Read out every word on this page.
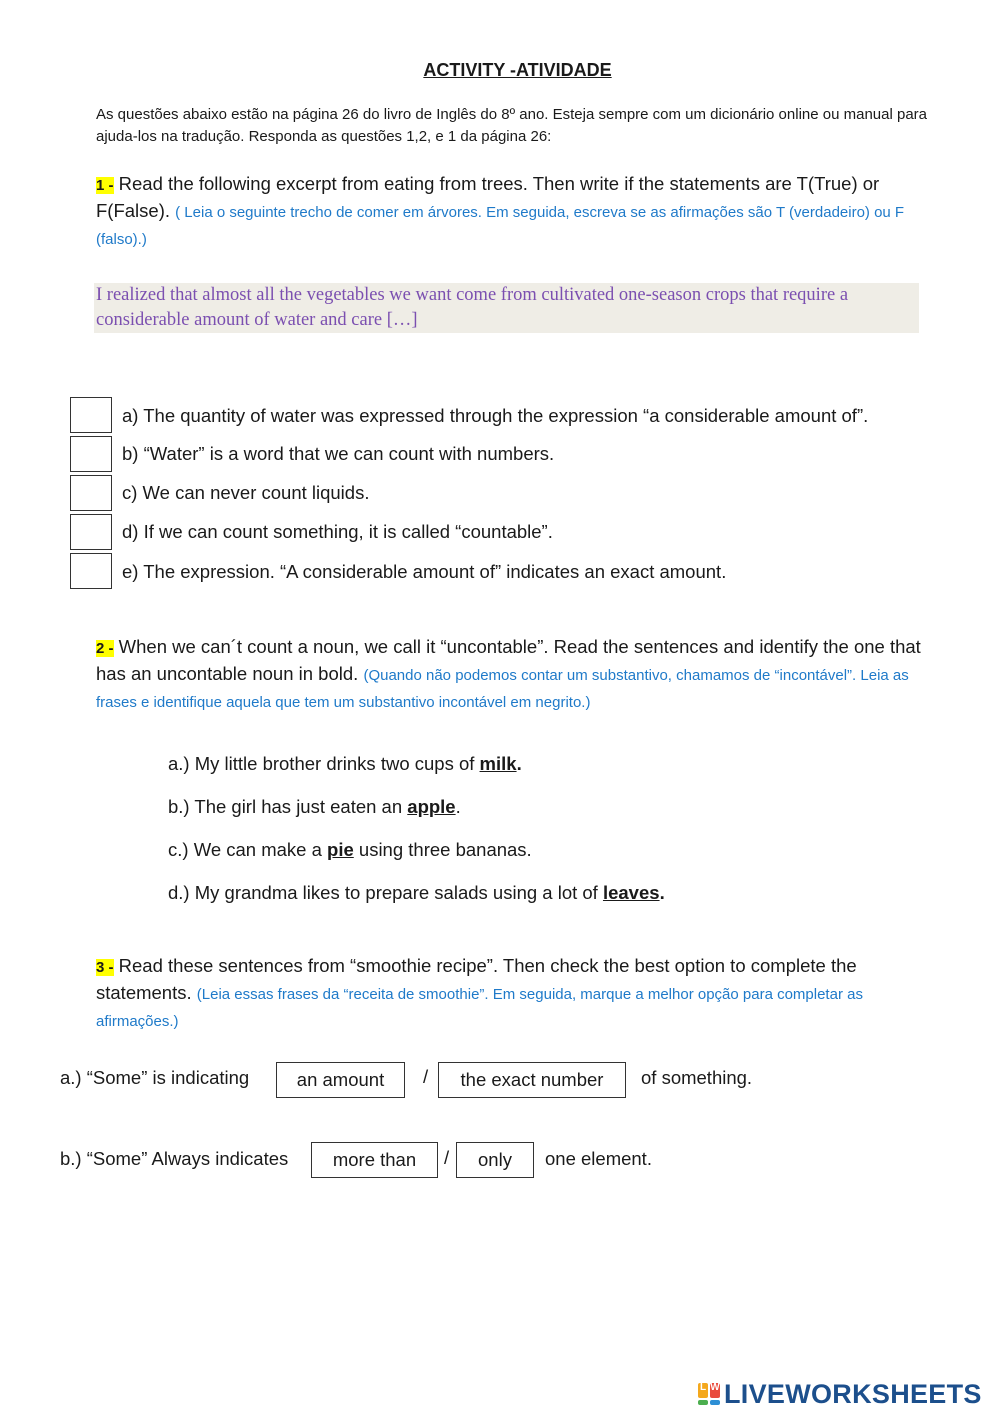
ACTIVITY -ATIVIDADE
As questões abaixo estão na página 26 do livro de Inglês do 8º ano. Esteja sempre com um dicionário online ou manual para ajuda-los na tradução. Responda as questões 1,2, e 1 da página 26:
1 - Read the following excerpt from eating from trees. Then write if the statements are T(True) or F(False). ( Leia o seguinte trecho de comer em árvores. Em seguida, escreva se as afirmações são T (verdadeiro) ou F (falso).)
I realized that almost all the vegetables we want come from cultivated one-season crops that require a considerable amount of water and care […]
a) The quantity of water was expressed through the expression “a considerable amount of”.
b) “Water” is a word that we can count with numbers.
c) We can never count liquids.
d) If we can count something, it is called “countable”.
e) The expression. “A considerable amount of” indicates an exact amount.
2 - When we can´t count a noun, we call it “uncontable”. Read the sentences and identify the one that has an uncontable noun in bold. (Quando não podemos contar um substantivo, chamamos de “incontável”. Leia as frases e identifique aquela que tem um substantivo incontável em negrito.)
a.) My little brother drinks two cups of milk.
b.) The girl has just eaten an apple.
c.) We can make a pie using three bananas.
d.) My grandma likes to prepare salads using a lot of leaves.
3 - Read these sentences from “smoothie recipe”. Then check the best option to complete the statements. (Leia essas frases da “receita de smoothie”. Em seguida, marque a melhor opção para completar as afirmações.)
a.) “Some” is indicating	an amount	/	the exact number	of something.
b.) “Some” Always indicates	more than	/	only	one element.
L W LIVEWORKSHEETS
